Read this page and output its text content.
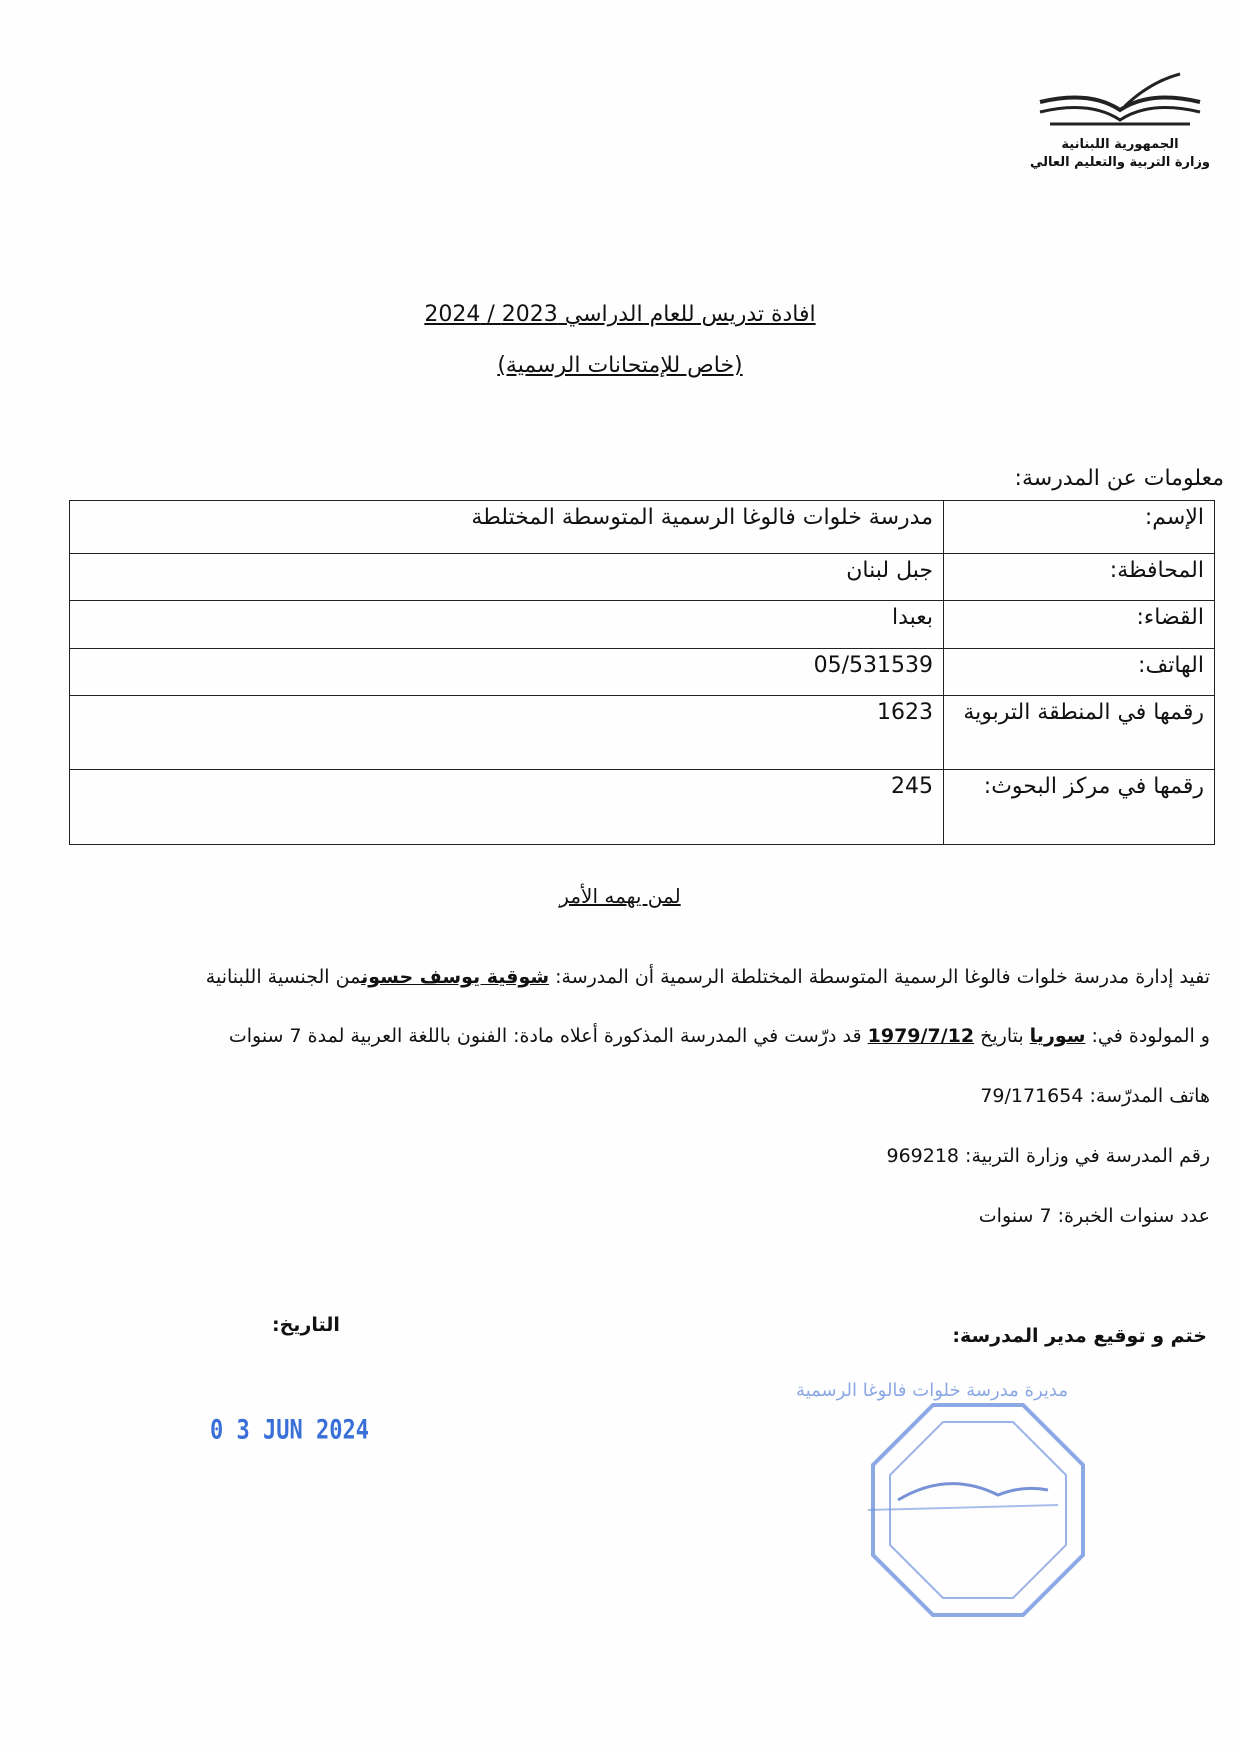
الجمهورية اللبنانية
وزارة التربية والتعليم العالي
افادة تدريس للعام الدراسي 2023 / 2024
(خاص للإمتحانات الرسمية)
معلومات عن المدرسة:
الإسم:	مدرسة خلوات فالوغا الرسمية المتوسطة المختلطة
المحافظة:	جبل لبنان
القضاء:	بعبدا
الهاتف:	05/531539
رقمها في المنطقة التربوية	1623
رقمها في مركز البحوث:	245
لمن يهمه الأمر
تفيد إدارة مدرسة خلوات فالوغا الرسمية المتوسطة المختلطة الرسمية أن المدرسة: شوقية يوسف حسونمن الجنسية اللبنانية
و المولودة في: سوريا بتاريخ 1979/7/12 قد درّست في المدرسة المذكورة أعلاه مادة: الفنون باللغة العربية لمدة 7 سنوات
هاتف المدرّسة: 79/171654
رقم المدرسة في وزارة التربية: 969218
عدد سنوات الخبرة: 7 سنوات
ختم و توقيع مدير المدرسة:
التاريخ:
0 3 JUN 2024
مديرة مدرسة خلوات فالوغا الرسمية
